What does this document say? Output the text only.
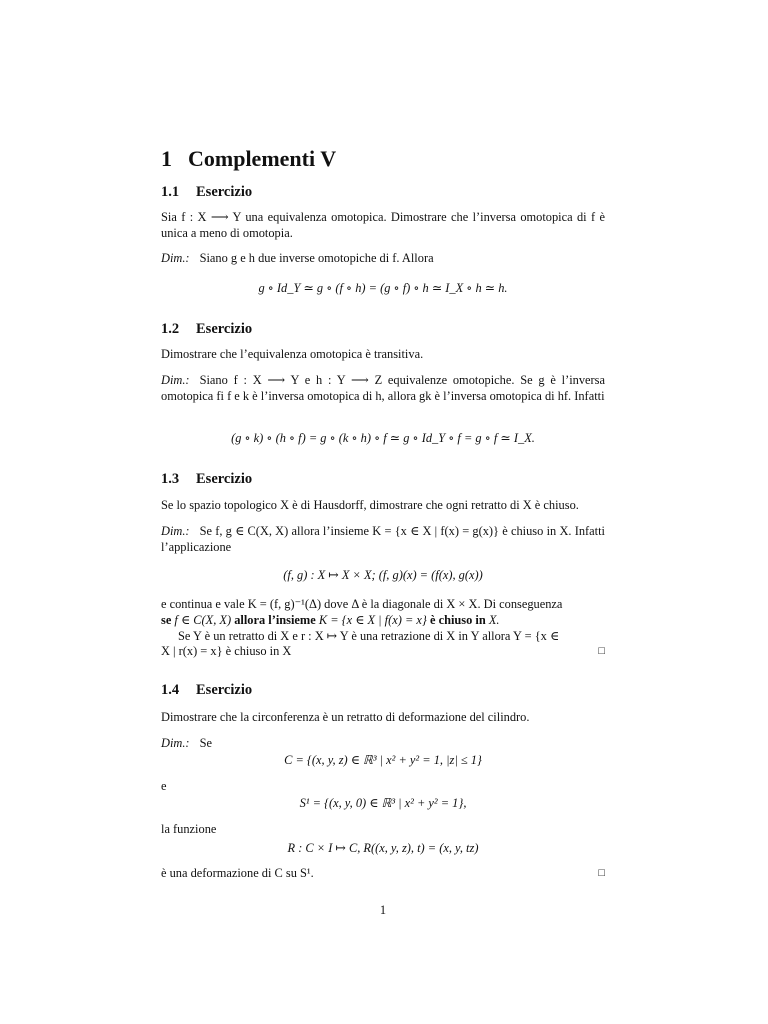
1 Complementi V
1.1 Esercizio
Sia f : X ⟶ Y una equivalenza omotopica. Dimostrare che l’inversa omotopica di f è unica a meno di omotopia.
Dim.: Siano g e h due inverse omotopiche di f. Allora
g ∘ Id_Y ≃ g ∘ (f ∘ h) = (g ∘ f) ∘ h ≃ I_X ∘ h ≃ h.
1.2 Esercizio
Dimostrare che l’equivalenza omotopica è transitiva.
Dim.: Siano f : X ⟶ Y e h : Y ⟶ Z equivalenze omotopiche. Se g è l’inversa omotopica fi f e k è l’inversa omotopica di h, allora gk è l’inversa omotopica di hf. Infatti
(g ∘ k) ∘ (h ∘ f) = g ∘ (k ∘ h) ∘ f ≃ g ∘ Id_Y ∘ f = g ∘ f ≃ I_X.
1.3 Esercizio
Se lo spazio topologico X è di Hausdorff, dimostrare che ogni retratto di X è chiuso.
Dim.: Se f, g ∈ C(X, X) allora l’insieme K = {x ∈ X | f(x) = g(x)} è chiuso in X. Infatti l’applicazione
(f, g) : X ↦ X × X; (f, g)(x) = (f(x), g(x))
e continua e vale K = (f, g)⁻¹(Δ) dove Δ è la diagonale di X × X. Di conseguenza
se f ∈ C(X, X) allora l’insieme K = {x ∈ X | f(x) = x} è chiuso in X.
Se Y è un retratto di X e r : X ↦ Y è una retrazione di X in Y allora Y = {x ∈
X | r(x) = x} è chiuso in X	□
1.4 Esercizio
Dimostrare che la circonferenza è un retratto di deformazione del cilindro.
Dim.: Se
C = {(x, y, z) ∈ ℝ³ | x² + y² = 1, |z| ≤ 1}
e
S¹ = {(x, y, 0) ∈ ℝ³ | x² + y² = 1},
la funzione
R : C × I ↦ C, R((x, y, z), t) = (x, y, tz)
è una deformazione di C su S¹.	□
1
